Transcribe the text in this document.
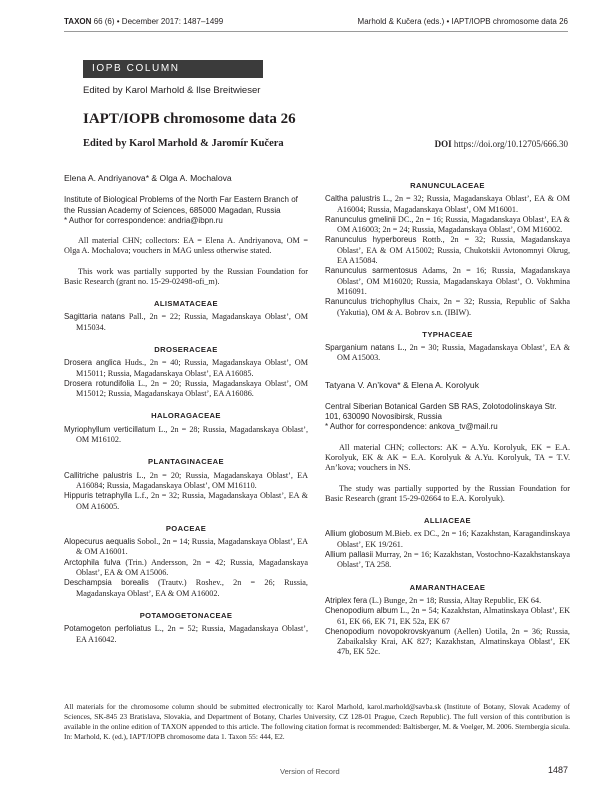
TAXON 66 (6) • December 2017: 1487–1499	Marhold & Kučera (eds.) • IAPT/IOPB chromosome data 26
IOPB COLUMN
Edited by Karol Marhold & Ilse Breitwieser
IAPT/IOPB chromosome data 26
Edited by Karol Marhold & Jaromír Kučera	DOI https://doi.org/10.12705/666.30
Elena A. Andriyanova* & Olga A. Mochalova
Institute of Biological Problems of the North Far Eastern Branch of the Russian Academy of Sciences, 685000 Magadan, Russia
* Author for correspondence: andria@ibpn.ru
All material CHN; collectors: EA = Elena A. Andriyanova, OM = Olga A. Mochalova; vouchers in MAG unless otherwise stated.
This work was partially supported by the Russian Foundation for Basic Research (grant no. 15-29-02498-ofi_m).
ALISMATACEAE
Sagittaria natans Pall., 2n = 22; Russia, Magadanskaya Oblast’, OM M15034.
DROSERACEAE
Drosera anglica Huds., 2n = 40; Russia, Magadanskaya Oblast’, OM M15011; Russia, Magadanskaya Oblast’, EA A16085.
Drosera rotundifolia L., 2n = 20; Russia, Magadanskaya Oblast’, OM M15012; Russia, Magadanskaya Oblast’, EA A16086.
HALORAGACEAE
Myriophyllum verticillatum L., 2n = 28; Russia, Magadanskaya Oblast’, OM M16102.
PLANTAGINACEAE
Callitriche palustris L., 2n = 20; Russia, Magadanskaya Oblast’, EA A16084; Russia, Magadanskaya Oblast’, OM M16110.
Hippuris tetraphylla L.f., 2n = 32; Russia, Magadanskaya Oblast’, EA & OM A16005.
POACEAE
Alopecurus aequalis Sobol., 2n = 14; Russia, Magadanskaya Oblast’, EA & OM A16001.
Arctophila fulva (Trin.) Andersson, 2n = 42; Russia, Magadanskaya Oblast’, EA & OM A15006.
Deschampsia borealis (Trautv.) Roshev., 2n = 26; Russia, Magadanskaya Oblast’, EA & OM A16002.
POTAMOGETONACEAE
Potamogeton perfoliatus L., 2n = 52; Russia, Magadanskaya Oblast’, EA A16042.
RANUNCULACEAE
Caltha palustris L., 2n = 32; Russia, Magadanskaya Oblast’, EA & OM A16004; Russia, Magadanskaya Oblast’, OM M16001.
Ranunculus gmelinii DC., 2n = 16; Russia, Magadanskaya Oblast’, EA & OM A16003; 2n = 24; Russia, Magadanskaya Oblast’, OM M16002.
Ranunculus hyperboreus Rottb., 2n = 32; Russia, Magadanskaya Oblast’, EA & OM A15002; Russia, Chukotskii Avtonomnyi Okrug, EA A15084.
Ranunculus sarmentosus Adams, 2n = 16; Russia, Magadanskaya Oblast’, OM M16020; Russia, Magadanskaya Oblast’, O. Vokhmina M16091.
Ranunculus trichophyllus Chaix, 2n = 32; Russia, Republic of Sakha (Yakutia), OM & A. Bobrov s.n. (IBIW).
TYPHACEAE
Sparganium natans L., 2n = 30; Russia, Magadanskaya Oblast’, EA & OM A15003.
Tatyana V. An’kova* & Elena A. Korolyuk
Central Siberian Botanical Garden SB RAS, Zolotodolinskaya Str. 101, 630090 Novosibirsk, Russia
* Author for correspondence: ankova_tv@mail.ru
All material CHN; collectors: AK = A.Yu. Korolyuk, EK = E.A. Korolyuk, EK & AK = E.A. Korolyuk & A.Yu. Korolyuk, TA = T.V. An’kova; vouchers in NS.
The study was partially supported by the Russian Foundation for Basic Research (grant 15-29-02664 to E.A. Korolyuk).
ALLIACEAE
Allium globosum M.Bieb. ex DC., 2n = 16; Kazakhstan, Karagandinskaya Oblast’, EK 19/261.
Allium pallasii Murray, 2n = 16; Kazakhstan, Vostochno-Kazakhstanskaya Oblast’, TA 258.
AMARANTHACEAE
Atriplex fera (L.) Bunge, 2n = 18; Russia, Altay Republic, EK 64.
Chenopodium album L., 2n = 54; Kazakhstan, Almatinskaya Oblast’, EK 61, EK 66, EK 71, EK 52a, EK 67
Chenopodium novopokrovskyanum (Aellen) Uotila, 2n = 36; Russia, Zabaikalsky Krai, AK 827; Kazakhstan, Almatinskaya Oblast’, EK 47b, EK 52c.
All materials for the chromosome column should be submitted electronically to: Karol Marhold, karol.marhold@savba.sk (Institute of Botany, Slovak Academy of Sciences, SK-845 23 Bratislava, Slovakia, and Department of Botany, Charles University, CZ 128-01 Prague, Czech Republic). The full version of this contribution is available in the online edition of TAXON appended to this article. The following citation format is recommended: Baltisberger, M. & Voelger, M. 2006. Sternbergia sicula. In: Marhold, K. (ed.), IAPT/IOPB chromosome data 1. Taxon 55: 444, E2.
Version of Record	1487
